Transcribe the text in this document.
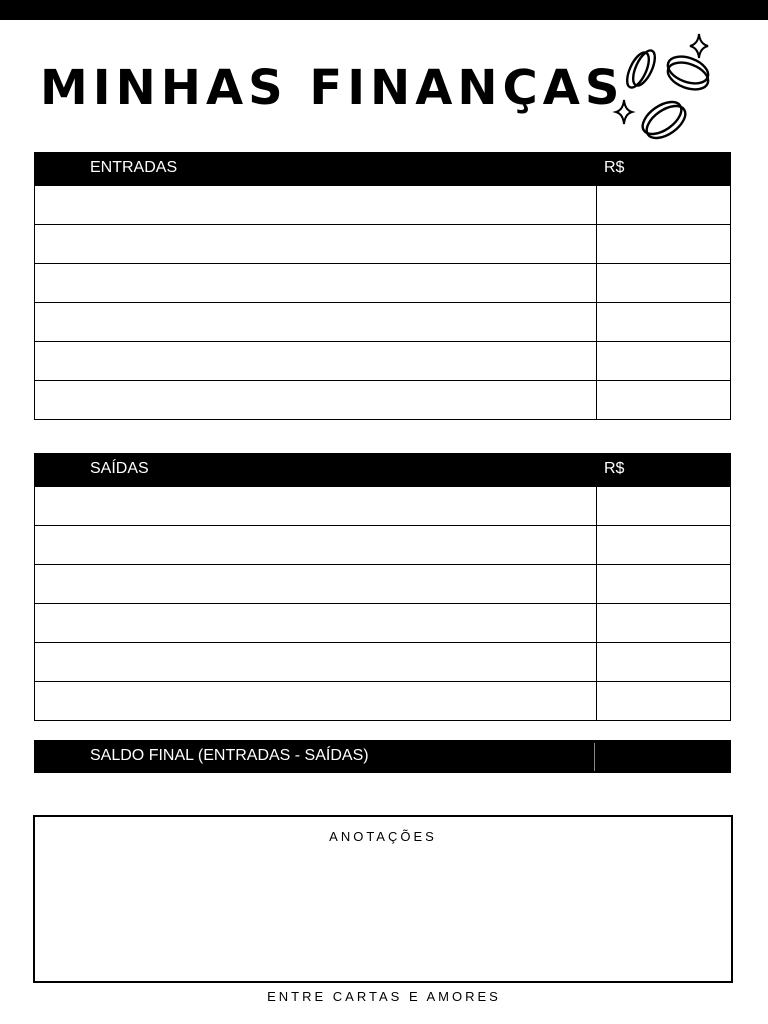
MINHAS FINANÇAS
ENTRADAS	R$
SAÍDAS	R$
SALDO FINAL (ENTRADAS - SAÍDAS)
ANOTAÇÕES
ENTRE CARTAS E AMORES
